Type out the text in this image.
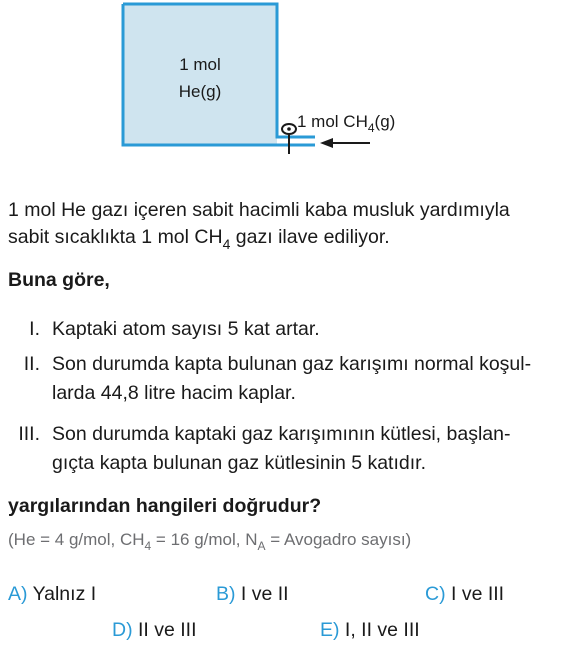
1 mol
He(g)
1 mol $CH_4(g)$
1 mol He gazı içeren sabit hacimli kaba musluk yardımıyla
sabit sıcaklıkta 1 mol $CH_4$ gazı ilave ediliyor.
Buna göre,
I. Kaptaki atom sayısı 5 kat artar.
II. Son durumda kapta bulunan gaz karışımı normal koşul-
larda 44,8 litre hacim kaplar.
III. Son durumda kaptaki gaz karışımının kütlesi, başlan-
gıçta kapta bulunan gaz kütlesinin 5 katıdır.
yargılarından hangileri doğrudur?
(He = 4 g/mol, $CH_4 = 16$ g/mol, $N_A$ = Avogadro sayısı)
A) Yalnız I	B) I ve II	C) I ve III
D) II ve III	E) I, II ve III
